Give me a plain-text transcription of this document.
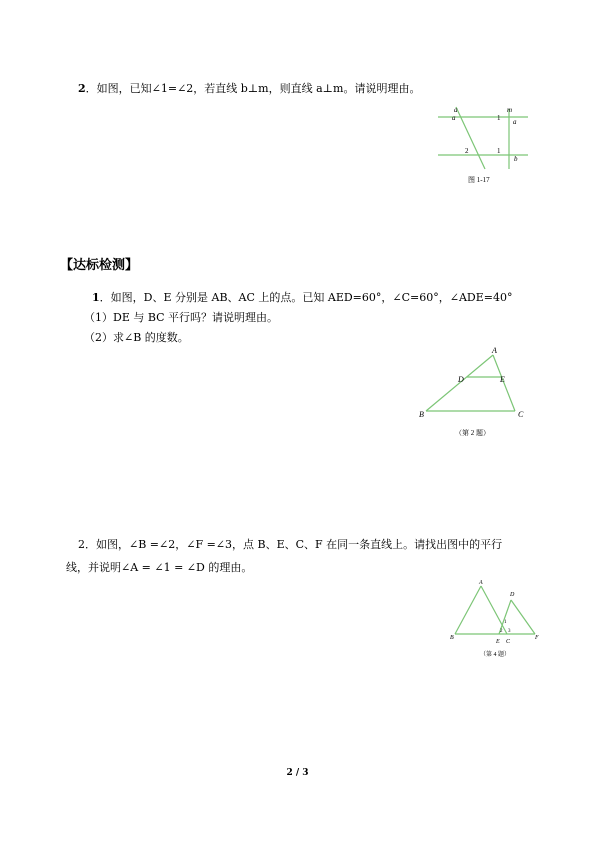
2．如图，已知∠1=∠2，若直线 b⊥m，则直线 a⊥m。请说明理由。
a	m
a
b
a	1
1
2
图 1-17
【达标检测】
1．如图，D、E 分别是 AB、AC 上的点。已知 AED=60°，∠C=60°，∠ADE=40°
（1）DE 与 BC 平行吗？请说明理由。
（2）求∠B 的度数。
A
B	C
D	E
（第 2 题）
2．如图，∠B =∠2，∠F =∠3，点 B、E、C、F 在同一条直线上。请找出图中的平行
线，并说明∠A = ∠1 = ∠D 的理由。
A
D
B
E C
F
1
2 3
（第 4 题）
2 / 3
